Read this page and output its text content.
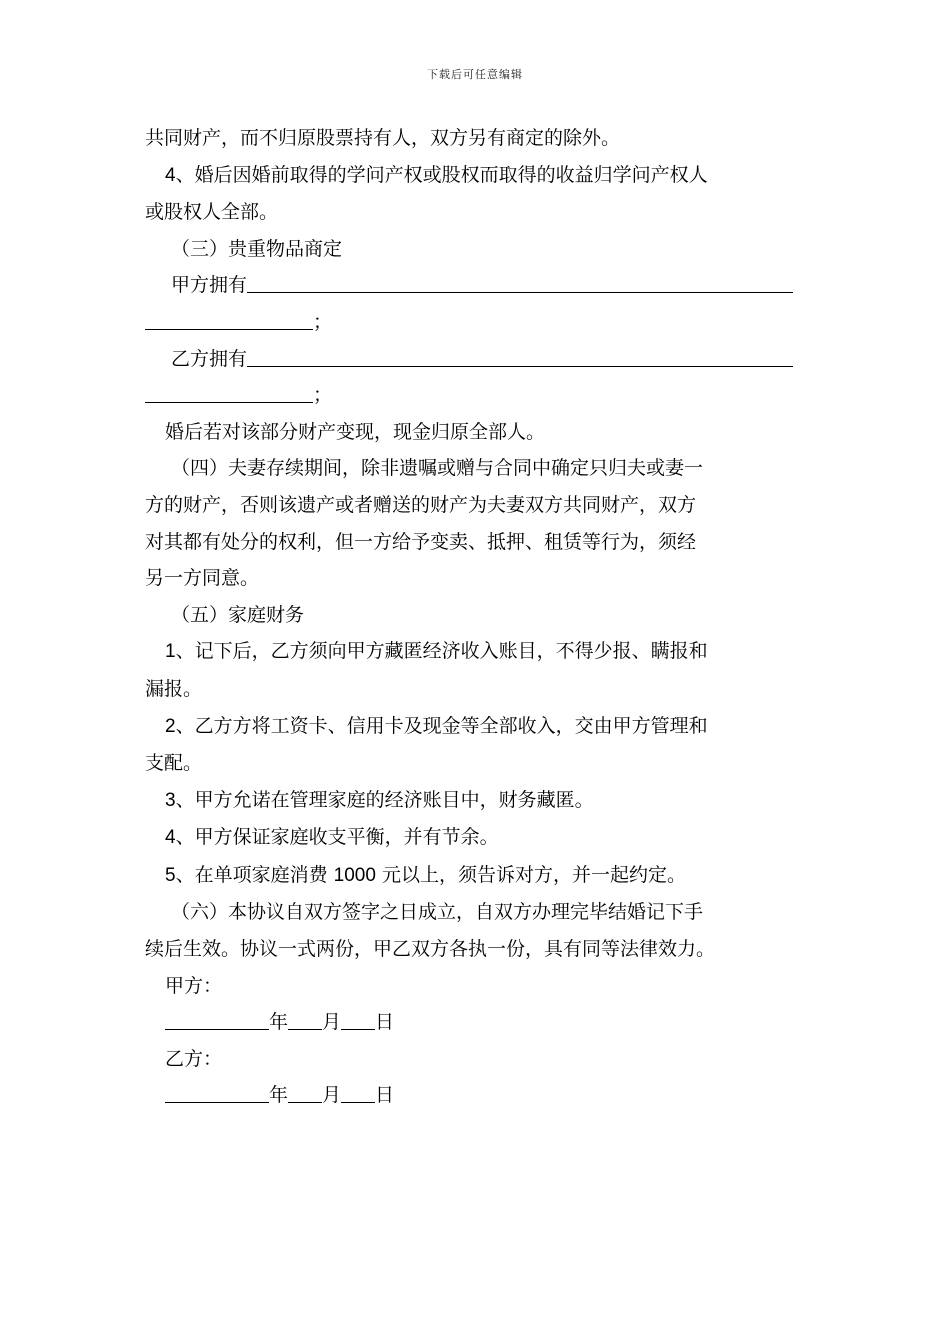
下载后可任意编辑

共同财产，而不归原股票持有人，双方另有商定的除外。

4、婚后因婚前取得的学问产权或股权而取得的收益归学问产权人

或股权人全部。

（三）贵重物品商定

甲方拥有

；

乙方拥有

；

婚后若对该部分财产变现，现金归原全部人。

（四）夫妻存续期间，除非遗嘱或赠与合同中确定只归夫或妻一

方的财产，否则该遗产或者赠送的财产为夫妻双方共同财产，双方

对其都有处分的权利，但一方给予变卖、抵押、租赁等行为，须经

另一方同意。

（五）家庭财务

1、记下后，乙方须向甲方藏匿经济收入账目，不得少报、瞒报和

漏报。

2、乙方方将工资卡、信用卡及现金等全部收入，交由甲方管理和

支配。

3、甲方允诺在管理家庭的经济账目中，财务藏匿。

4、甲方保证家庭收支平衡，并有节余。

5、在单项家庭消费 1000 元以上，须告诉对方，并一起约定。

（六）本协议自双方签字之日成立，自双方办理完毕结婚记下手

续后生效。协议一式两份，甲乙双方各执一份，具有同等法律效力。

甲方：

年 月 日

乙方：

年 月 日
